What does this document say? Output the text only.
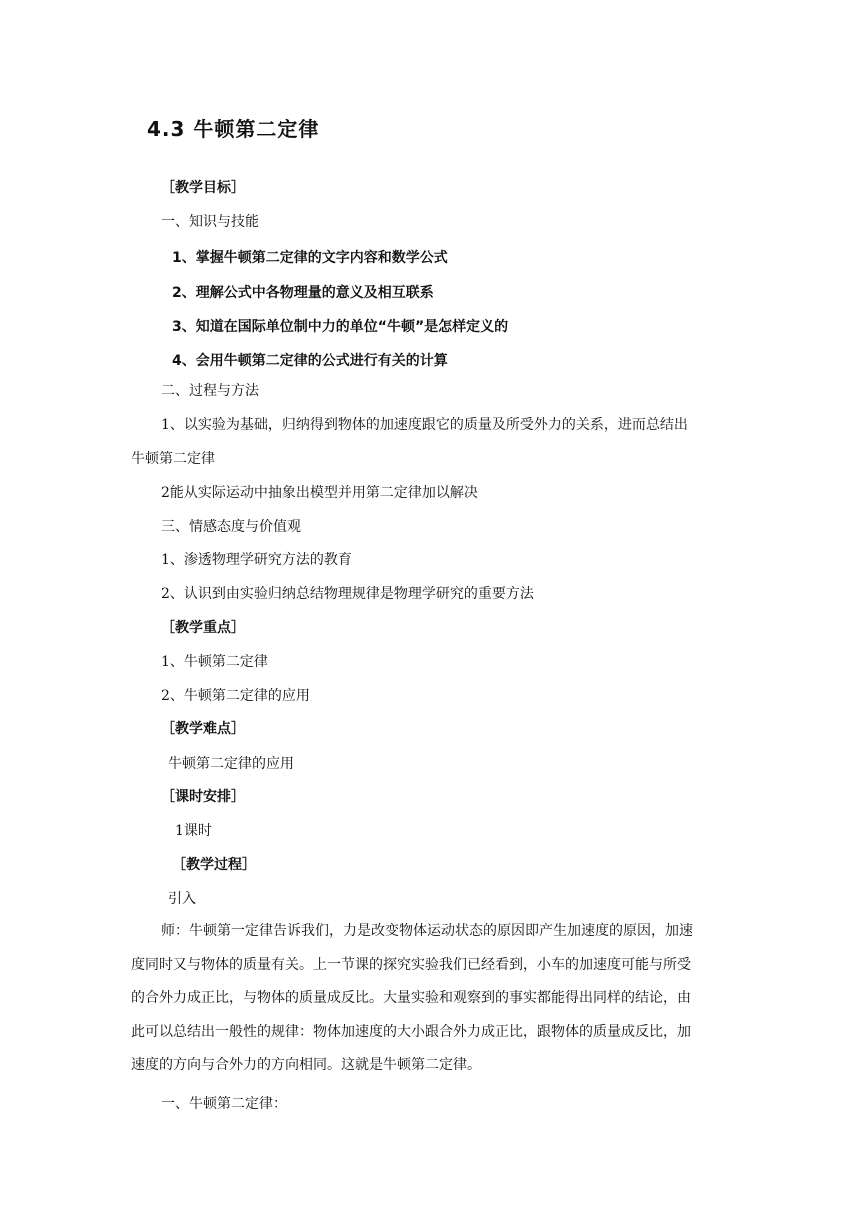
4.3 牛顿第二定律
［教学目标］
一、知识与技能
1、掌握牛顿第二定律的文字内容和数学公式
2、理解公式中各物理量的意义及相互联系
3、知道在国际单位制中力的单位“牛顿”是怎样定义的
4、会用牛顿第二定律的公式进行有关的计算
二、过程与方法
1、以实验为基础，归纳得到物体的加速度跟它的质量及所受外力的关系，进而总结出
牛顿第二定律
2能从实际运动中抽象出模型并用第二定律加以解决
三、情感态度与价值观
1、渗透物理学研究方法的教育
2、认识到由实验归纳总结物理规律是物理学研究的重要方法
［教学重点］
1、牛顿第二定律
2、牛顿第二定律的应用
［教学难点］
牛顿第二定律的应用
［课时安排］
1课时
［教学过程］
引入

师：牛顿第一定律告诉我们，力是改变物体运动状态的原因即产生加速度的原因，加速

度同时又与物体的质量有关。上一节课的探究实验我们已经看到，小车的加速度可能与所受

的合外力成正比，与物体的质量成反比。大量实验和观察到的事实都能得出同样的结论，由

此可以总结出一般性的规律：物体加速度的大小跟合外力成正比，跟物体的质量成反比，加

速度的方向与合外力的方向相同。这就是牛顿第二定律。

一、牛顿第二定律：
